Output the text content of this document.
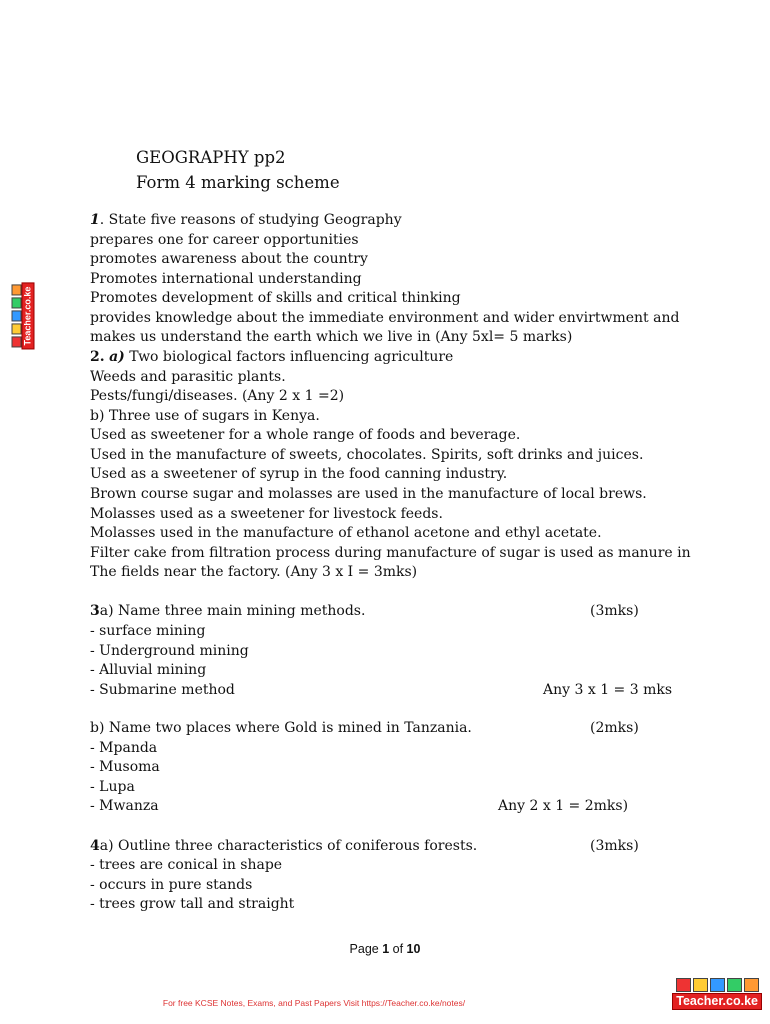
Teacher.co.ke
GEOGRAPHY pp2
Form 4 marking scheme
1. State five reasons of studying Geography
prepares one for career opportunities
promotes awareness about the country
Promotes international understanding
Promotes development of skills and critical thinking
provides knowledge about the immediate environment and wider envirtwment and
makes us understand the earth which we live in (Any 5xl= 5 marks)
2. a) Two biological factors influencing agriculture
Weeds and parasitic plants.
Pests/fungi/diseases. (Any 2 x 1 =2)
b) Three use of sugars in Kenya.
Used as sweetener for a whole range of foods and beverage.
Used in the manufacture of sweets, chocolates. Spirits, soft drinks and juices.
Used as a sweetener of syrup in the food canning industry.
Brown course sugar and molasses are used in the manufacture of local brews.
Molasses used as a sweetener for livestock feeds.
Molasses used in the manufacture of ethanol acetone and ethyl acetate.
Filter cake from filtration process during manufacture of sugar is used as manure in
The fields near the factory. (Any 3 x I = 3mks)
3a) Name three main mining methods.	(3mks)
- surface mining
- Underground mining
- Alluvial mining
- Submarine method	Any 3 x 1 = 3 mks
b) Name two places where Gold is mined in Tanzania.	(2mks)
- Mpanda
- Musoma
- Lupa
- Mwanza	Any 2 x 1 = 2mks)
4a) Outline three characteristics of coniferous forests.	(3mks)
- trees are conical in shape
- occurs in pure stands
- trees grow tall and straight
Page 1 of 10
For free KCSE Notes, Exams, and Past Papers Visit https://Teacher.co.ke/notes/	Teacher.co.ke
